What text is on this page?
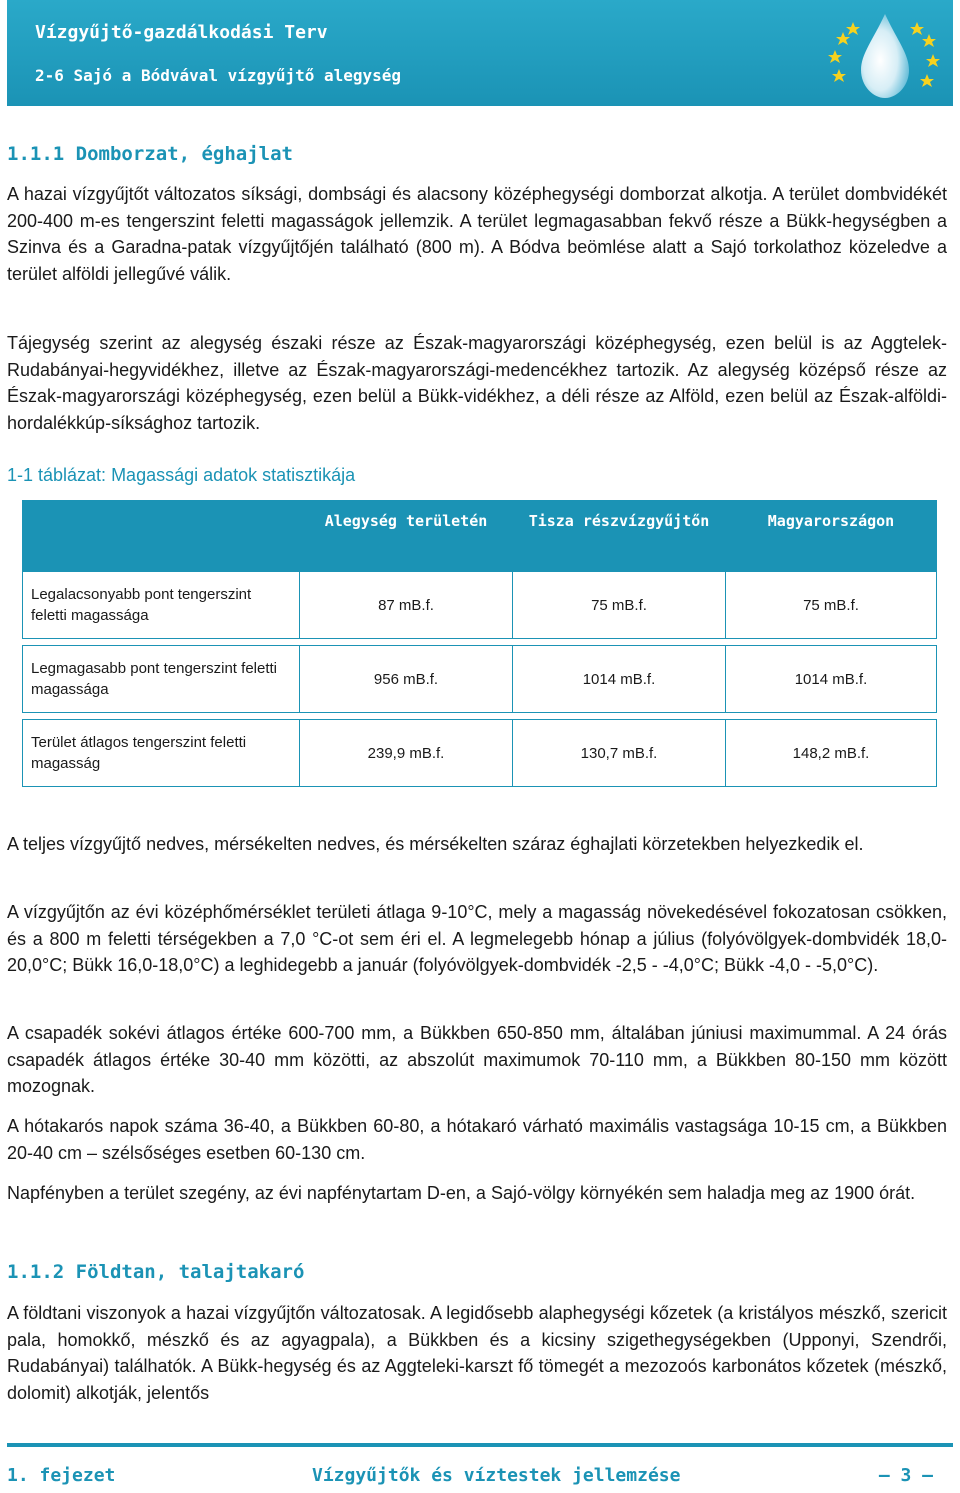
Vízgyűjtő-gazdálkodási Terv
2-6 Sajó a Bódvával vízgyűjtő alegység
1.1.1 Domborzat, éghajlat

A hazai vízgyűjtőt változatos síksági, dombsági és alacsony középhegységi domborzat alkotja. A terület dombvidékét 200-400 m-es tengerszint feletti magasságok jellemzik. A terület legmagasabban fekvő része a Bükk-hegységben a Szinva és a Garadna-patak vízgyűjtőjén található (800 m). A Bódva beömlése alatt a Sajó torkolathoz közeledve a terület alföldi jellegűvé válik.

Tájegység szerint az alegység északi része az Észak-magyarországi középhegység, ezen belül is az Aggtelek-Rudabányai-hegyvidékhez, illetve az Észak-magyarországi-medencékhez tartozik. Az alegység középső része az Észak-magyarországi középhegység, ezen belül a Bükk-vidékhez, a déli része az Alföld, ezen belül az Észak-alföldi-hordalékkúp-síksághoz tartozik.

1-1 táblázat: Magassági adatok statisztikája
	Alegység területén	Tisza részvízgyűjtőn	Magyarországon
Legalacsonyabb pont tengerszint feletti magassága	87 mB.f.	75 mB.f.	75 mB.f.

Legmagasabb pont tengerszint feletti magassága	956 mB.f.	1014 mB.f.	1014 mB.f.

Terület átlagos tengerszint feletti magasság	239,9 mB.f.	130,7 mB.f.	148,2 mB.f.

A teljes vízgyűjtő nedves, mérsékelten nedves, és mérsékelten száraz éghajlati körzetekben helyezkedik el.

A vízgyűjtőn az évi középhőmérséklet területi átlaga 9-10°C, mely a magasság növekedésével fokozatosan csökken, és a 800 m feletti térségekben a 7,0 °C-ot sem éri el. A legmelegebb hónap a július (folyóvölgyek-dombvidék 18,0-20,0°C; Bükk 16,0-18,0°C) a leghidegebb a január (folyóvölgyek-dombvidék -2,5 - -4,0°C; Bükk -4,0 - -5,0°C).

A csapadék sokévi átlagos értéke 600-700 mm, a Bükkben 650-850 mm, általában júniusi maximummal. A 24 órás csapadék átlagos értéke 30-40 mm közötti, az abszolút maximumok 70-110 mm, a Bükkben 80-150 mm között mozognak.

A hótakarós napok száma 36-40, a Bükkben 60-80, a hótakaró várható maximális vastagsága 10-15 cm, a Bükkben 20-40 cm – szélsőséges esetben 60-130 cm.

Napfényben a terület szegény, az évi napfénytartam D-en, a Sajó-völgy környékén sem haladja meg az 1900 órát.

1.1.2 Földtan, talajtakaró

A földtani viszonyok a hazai vízgyűjtőn változatosak. A legidősebb alaphegységi kőzetek (a kristályos mészkő, szericit pala, homokkő, mészkő és az agyagpala), a Bükkben és a kicsiny szigethegységekben (Upponyi, Szendrői, Rudabányai) találhatók. A Bükk-hegység és az Aggteleki-karszt fő tömegét a mezozoós karbonátos kőzetek (mészkő, dolomit) alkotják, jelentős

1. fejezet	Vízgyűjtők és víztestek jellemzése	– 3 –
